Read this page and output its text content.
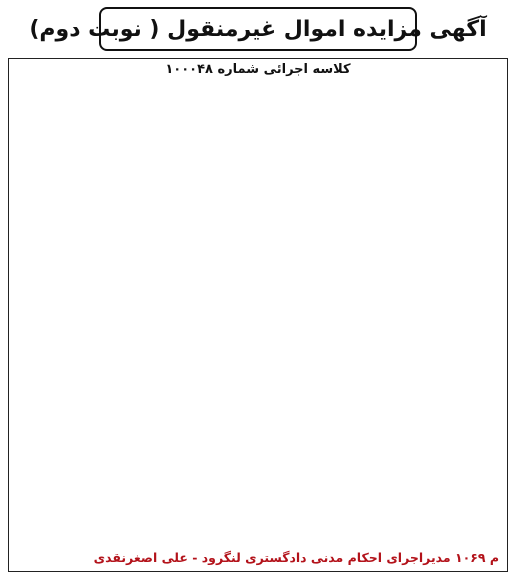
آگهی مزایده اموال غیرمنقول ( نوبت دوم)
کلاسه اجرائی شماره ۱۰۰۰۴۸

م ۱۰۶۹ مدیراجرای احکام مدنی دادگستری لنگرود - علی اصغرنقدی
